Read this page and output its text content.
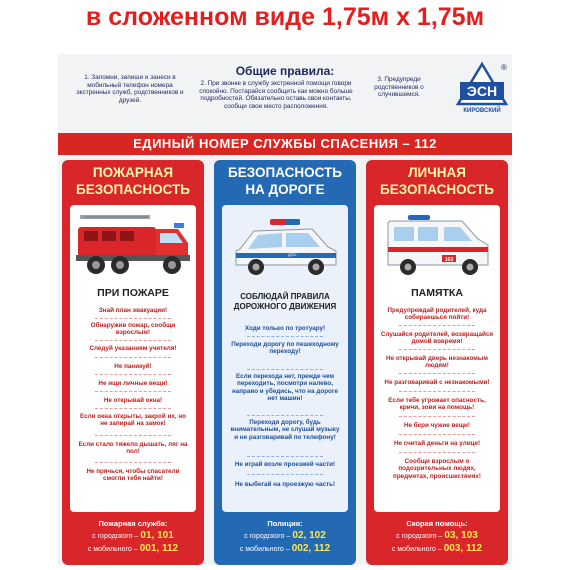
в сложенном виде 1,75м х 1,75м
Общие правила:
1. Запомни, запиши и занеси в мобильный телефон номера экстренных служб, родственников и друзей.
2. При звонке в службу экстренной помощи говори спокойно. Постарайся сообщить как можно больше подробностей. Обязательно оставь свои контакты, сообщи свое место расположения.
3. Предупреди родственников о случившемся.	ЭСН
КИРОВСКИЙ
®
ЕДИНЫЙ НОМЕР СЛУЖБЫ СПАСЕНИЯ – 112
ПОЖАРНАЯ
БЕЗОПАСНОСТЬ
ПРИ ПОЖАРЕ
Знай план эвакуации!
Обнаружив пожар, сообщи взрослым!
Следуй указаниям учителя!
Не паникуй!
Не ищи личные вещи!
Не открывай окна!
Если окна открыты, закрой их, но не запирай на замок!
Если стало тяжело дышать, ляг на пол!
Не прячься, чтобы спасатели смогли тебя найти!
Пожарная служба:
с городского – 01, 101
с мобильного – 001, 112
БЕЗОПАСНОСТЬ
НА ДОРОГЕ
ДПС
СОБЛЮДАЙ ПРАВИЛА ДОРОЖНОГО ДВИЖЕНИЯ
Ходи только по тротуару!
Переходи дорогу по пешеходному переходу!
Если перехода нет, прежде чем переходить, посмотри налево, направо и убедись, что на дороге нет машин!
Переходя дорогу, будь внимательным, не слушай музыку и не разговаривай по телефону!
Не играй возле проезжей части!
Не выбегай на проезжую часть!
Полиция:
с городского – 02, 102
с мобильного – 002, 112
ЛИЧНАЯ
БЕЗОПАСНОСТЬ
103
ПАМЯТКА
Предупреждай родителей, куда собираешься пойти!
Слушайся родителей, возвращайся домой вовремя!
Не открывай дверь незнакомым людям!
Не разговаривай с незнакомыми!
Если тебе угрожает опасность, кричи, зови на помощь!
Не бери чужие вещи!
Не считай деньги на улице!
Сообщи взрослым о подозрительных людях, предметах, происшествиях!
Скорая помощь:
с городского – 03, 103
с мобильного – 003, 112
